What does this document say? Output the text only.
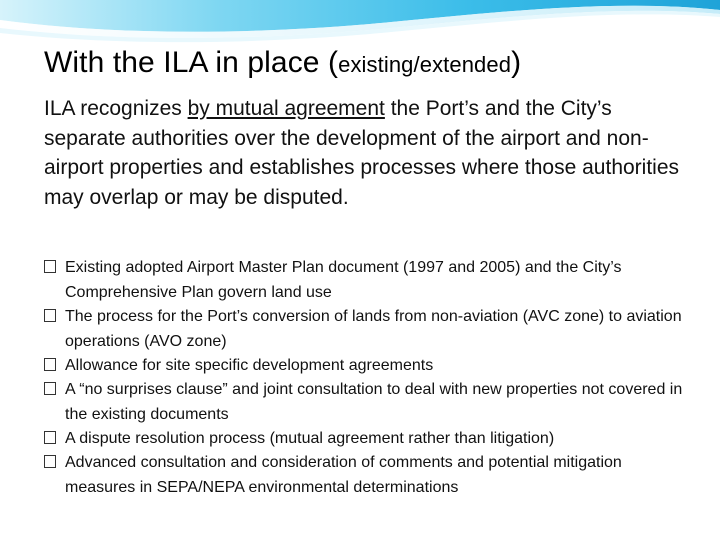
With the ILA in place (existing/extended)
ILA recognizes by mutual agreement the Port’s and the City’s separate authorities over the development of the airport and non-airport properties and establishes processes where those authorities may overlap or may be disputed.
Existing adopted Airport Master Plan document (1997 and 2005) and the City’s Comprehensive Plan govern land use
The process for the Port’s conversion of lands from non-aviation (AVC zone) to aviation operations (AVO zone)
Allowance for site specific development agreements
A “no surprises clause” and joint consultation to deal with new properties not covered in the existing documents
A dispute resolution process (mutual agreement rather than litigation)
Advanced consultation and consideration of comments and potential mitigation measures in SEPA/NEPA environmental determinations
